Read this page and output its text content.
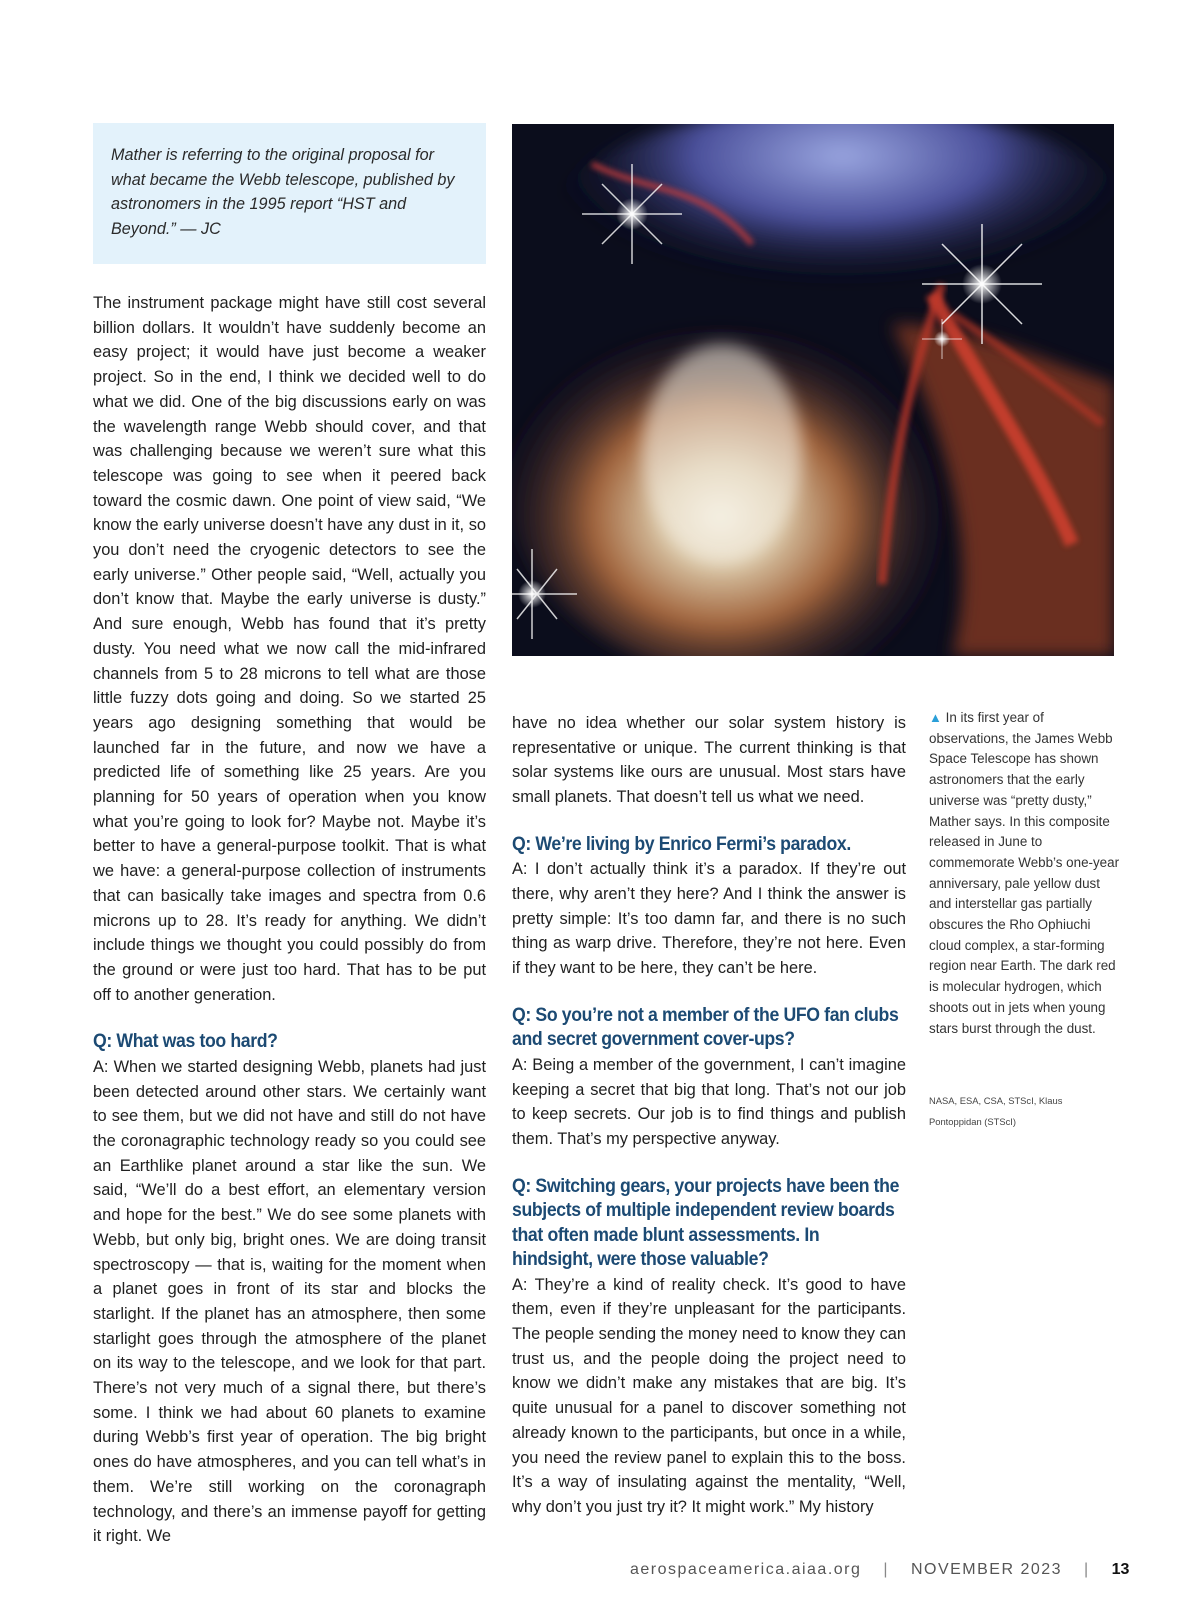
Mather is referring to the original proposal for what became the Webb telescope, published by astronomers in the 1995 report “HST and Beyond.” — JC

The instrument package might have still cost several billion dollars. It wouldn’t have suddenly become an easy project; it would have just become a weaker project. So in the end, I think we decided well to do what we did. One of the big discussions early on was the wavelength range Webb should cover, and that was challenging because we weren’t sure what this telescope was going to see when it peered back toward the cosmic dawn. One point of view said, “We know the early universe doesn’t have any dust in it, so you don’t need the cryogenic detectors to see the early universe.” Other people said, “Well, actually you don’t know that. Maybe the early universe is dusty.” And sure enough, Webb has found that it’s pretty dusty. You need what we now call the mid-infrared channels from 5 to 28 microns to tell what are those little fuzzy dots going and doing. So we started 25 years ago designing something that would be launched far in the future, and now we have a predicted life of something like 25 years. Are you planning for 50 years of operation when you know what you’re going to look for? Maybe not. Maybe it’s better to have a general-purpose toolkit. That is what we have: a general-purpose collection of instruments that can basically take images and spectra from 0.6 microns up to 28. It’s ready for anything. We didn’t include things we thought you could possibly do from the ground or were just too hard. That has to be put off to another generation.

Q: What was too hard?

A: When we started designing Webb, planets had just been detected around other stars. We certainly want to see them, but we did not have and still do not have the coronagraphic technology ready so you could see an Earthlike planet around a star like the sun. We said, “We’ll do a best effort, an elementary version and hope for the best.” We do see some planets with Webb, but only big, bright ones. We are doing transit spectroscopy — that is, waiting for the moment when a planet goes in front of its star and blocks the starlight. If the planet has an atmosphere, then some starlight goes through the atmosphere of the planet on its way to the telescope, and we look for that part. There’s not very much of a signal there, but there’s some. I think we had about 60 planets to examine during Webb’s first year of operation. The big bright ones do have atmospheres, and you can tell what’s in them. We’re still working on the coronagraph technology, and there’s an immense payoff for getting it right. We

have no idea whether our solar system history is representative or unique. The current thinking is that solar systems like ours are unusual. Most stars have small planets. That doesn’t tell us what we need.

Q: We’re living by Enrico Fermi’s paradox.

A: I don’t actually think it’s a paradox. If they’re out there, why aren’t they here? And I think the answer is pretty simple: It’s too damn far, and there is no such thing as warp drive. Therefore, they’re not here. Even if they want to be here, they can’t be here.

Q: So you’re not a member of the UFO fan clubs and secret government cover-ups?

A: Being a member of the government, I can’t imagine keeping a secret that big that long. That’s not our job to keep secrets. Our job is to find things and publish them. That’s my perspective anyway.

Q: Switching gears, your projects have been the subjects of multiple independent review boards that often made blunt assessments. In hindsight, were those valuable?

A: They’re a kind of reality check. It’s good to have them, even if they’re unpleasant for the participants. The people sending the money need to know they can trust us, and the people doing the project need to know we didn’t make any mistakes that are big. It’s quite unusual for a panel to discover something not already known to the participants, but once in a while, you need the review panel to explain this to the boss. It’s a way of insulating against the mentality, “Well, why don’t you just try it? It might work.” My history

▲ In its first year of observations, the James Webb Space Telescope has shown astronomers that the early universe was “pretty dusty,” Mather says. In this composite released in June to commemorate Webb’s one-year anniversary, pale yellow dust and interstellar gas partially obscures the Rho Ophiuchi cloud complex, a star-forming region near Earth. The dark red is molecular hydrogen, which shoots out in jets when young stars burst through the dust.
NASA, ESA, CSA, STScI, Klaus Pontoppidan (STScI)
aerospaceamerica.aiaa.org | NOVEMBER 2023 | 13
